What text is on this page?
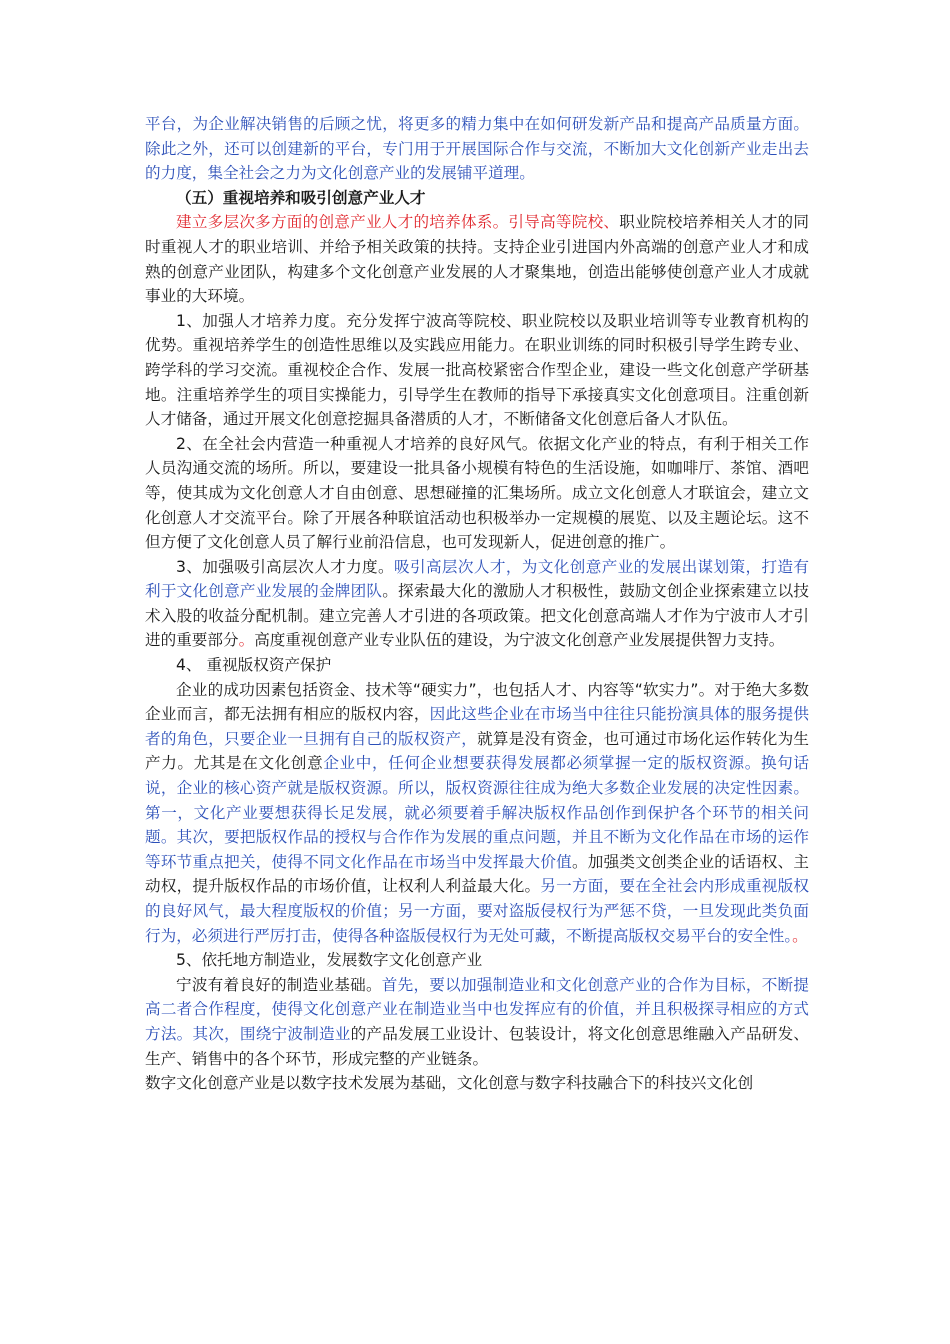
平台，为企业解决销售的后顾之忧，将更多的精力集中在如何研发新产品和提高产品质量方面。除此之外，还可以创建新的平台，专门用于开展国际合作与交流，不断加大文化创新产业走出去的力度，集全社会之力为文化创意产业的发展铺平道理。

（五）重视培养和吸引创意产业人才

建立多层次多方面的创意产业人才的培养体系。引导高等院校、职业院校培养相关人才的同时重视人才的职业培训、并给予相关政策的扶持。支持企业引进国内外高端的创意产业人才和成熟的创意产业团队，构建多个文化创意产业发展的人才聚集地，创造出能够使创意产业人才成就事业的大环境。

1、加强人才培养力度。充分发挥宁波高等院校、职业院校以及职业培训等专业教育机构的优势。重视培养学生的创造性思维以及实践应用能力。在职业训练的同时积极引导学生跨专业、跨学科的学习交流。重视校企合作、发展一批高校紧密合作型企业，建设一些文化创意产学研基地。注重培养学生的项目实操能力，引导学生在教师的指导下承接真实文化创意项目。注重创新人才储备，通过开展文化创意挖掘具备潜质的人才，不断储备文化创意后备人才队伍。

2、在全社会内营造一种重视人才培养的良好风气。依据文化产业的特点，有利于相关工作人员沟通交流的场所。所以，要建设一批具备小规模有特色的生活设施，如咖啡厅、茶馆、酒吧等，使其成为文化创意人才自由创意、思想碰撞的汇集场所。成立文化创意人才联谊会，建立文化创意人才交流平台。除了开展各种联谊活动也积极举办一定规模的展览、以及主题论坛。这不但方便了文化创意人员了解行业前沿信息，也可发现新人，促进创意的推广。

3、加强吸引高层次人才力度。吸引高层次人才，为文化创意产业的发展出谋划策，打造有利于文化创意产业发展的金牌团队。探索最大化的激励人才积极性，鼓励文创企业探索建立以技术入股的收益分配机制。建立完善人才引进的各项政策。把文化创意高端人才作为宁波市人才引进的重要部分。高度重视创意产业专业队伍的建设，为宁波文化创意产业发展提供智力支持。

4、 重视版权资产保护

企业的成功因素包括资金、技术等“硬实力”，也包括人才、内容等“软实力”。对于绝大多数企业而言，都无法拥有相应的版权内容，因此这些企业在市场当中往往只能扮演具体的服务提供者的角色，只要企业一旦拥有自己的版权资产，就算是没有资金，也可通过市场化运作转化为生产力。尤其是在文化创意企业中，任何企业想要获得发展都必须掌握一定的版权资源。换句话说，企业的核心资产就是版权资源。所以，版权资源往往成为绝大多数企业发展的决定性因素。第一，文化产业要想获得长足发展，就必须要着手解决版权作品创作到保护各个环节的相关问题。其次，要把版权作品的授权与合作作为发展的重点问题，并且不断为文化作品在市场的运作等环节重点把关，使得不同文化作品在市场当中发挥最大价值。加强类文创类企业的话语权、主动权，提升版权作品的市场价值，让权利人利益最大化。另一方面，要在全社会内形成重视版权的良好风气，最大程度版权的价值；另一方面，要对盗版侵权行为严惩不贷，一旦发现此类负面行为，必须进行严厉打击，使得各种盗版侵权行为无处可藏，不断提高版权交易平台的安全性。。

5、依托地方制造业，发展数字文化创意产业

宁波有着良好的制造业基础。首先，要以加强制造业和文化创意产业的合作为目标，不断提高二者合作程度，使得文化创意产业在制造业当中也发挥应有的价值，并且积极探寻相应的方式方法。其次，围绕宁波制造业的产品发展工业设计、包装设计，将文化创意思维融入产品研发、生产、销售中的各个环节，形成完整的产业链条。

数字文化创意产业是以数字技术发展为基础，文化创意与数字科技融合下的科技兴文化创
